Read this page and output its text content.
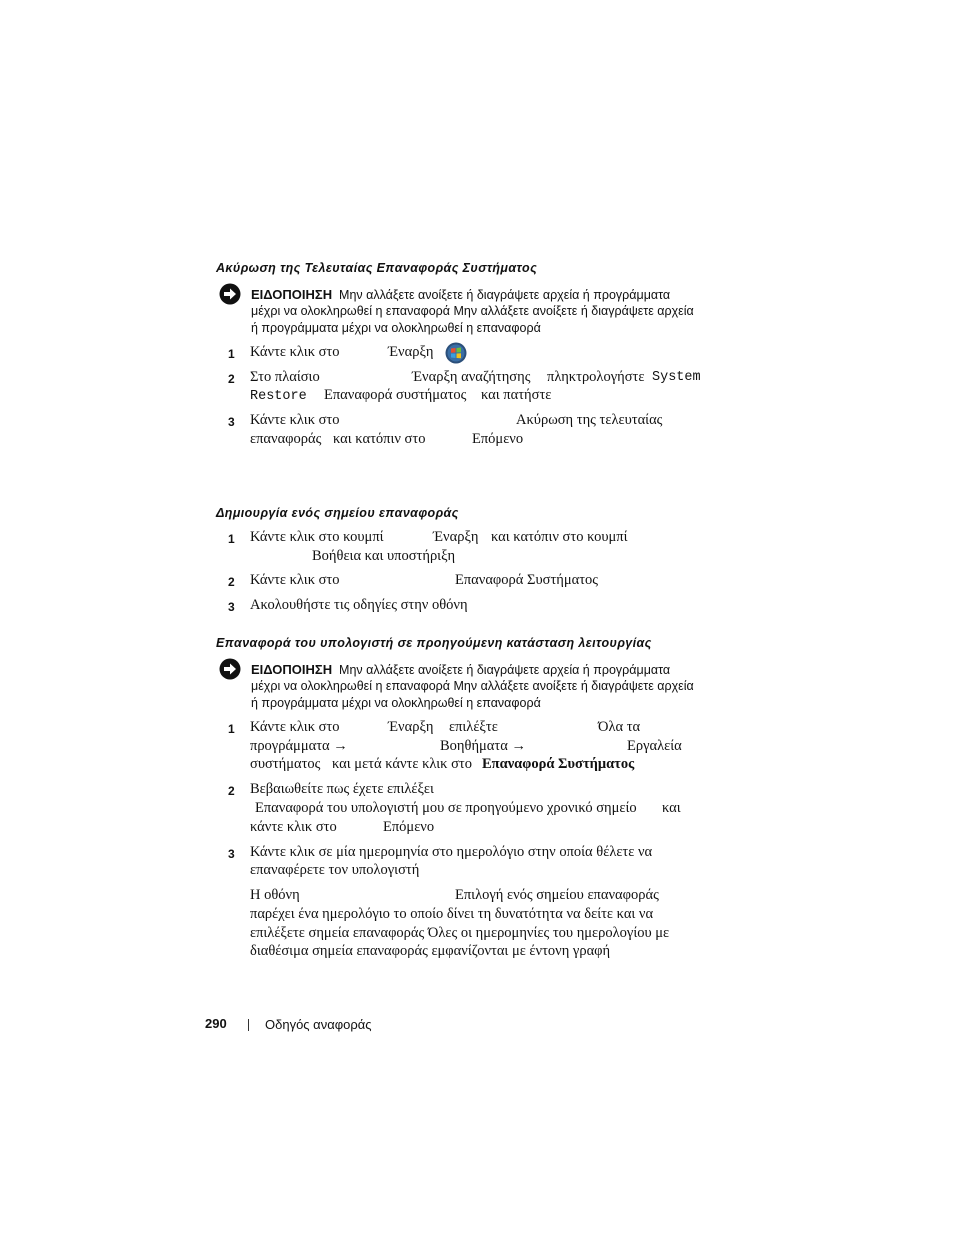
Ακύρωση της Τελευταίας Επαναφοράς Συστήματος
ΕΙΔΟΠΟΙΗΣΗ Μην αλλάξετε ανοίξετε ή διαγράψετε αρχεία ή προγράμματα
μέχρι να ολοκληρωθεί η επαναφορά Μην αλλάξετε ανοίξετε ή διαγράψετε αρχεία
ή προγράμματα μέχρι να ολοκληρωθεί η επαναφορά
1 Κάντε κλικ στο	Έναρξη
2 Στο πλαίσιο	Έναρξη αναζήτησης πληκτρολογήστε System
Restore Επαναφορά συστήματος και πατήστε
3 Κάντε κλικ στο	Ακύρωση της τελευταίας
επαναφοράς και κατόπιν στο	Επόμενο
Δημιουργία ενός σημείου επαναφοράς
1 Κάντε κλικ στο κουμπί	Έναρξη και κατόπιν στο κουμπί
Βοήθεια και υποστήριξη
2 Κάντε κλικ στο	Επαναφορά Συστήματος
3 Ακολουθήστε τις οδηγίες στην οθόνη
Επαναφορά του υπολογιστή σε προηγούμενη κατάσταση λειτουργίας
ΕΙΔΟΠΟΙΗΣΗ Μην αλλάξετε ανοίξετε ή διαγράψετε αρχεία ή προγράμματα
μέχρι να ολοκληρωθεί η επαναφορά Μην αλλάξετε ανοίξετε ή διαγράψετε αρχεία
ή προγράμματα μέχρι να ολοκληρωθεί η επαναφορά
1 Κάντε κλικ στο	Έναρξη επιλέξτε	Όλα τα
προγράμματα →	Βοηθήματα →	Εργαλεία
συστήματος και μετά κάντε κλικ στο Επαναφορά Συστήματος
2 Βεβαιωθείτε πως έχετε επιλέξει
Επαναφορά του υπολογιστή μου σε προηγούμενο χρονικό σημείο και
κάντε κλικ στο	Επόμενο
3 Κάντε κλικ σε μία ημερομηνία στο ημερολόγιο στην οποία θέλετε να
επαναφέρετε τον υπολογιστή
Η οθόνη	Επιλογή ενός σημείου επαναφοράς
παρέχει ένα ημερολόγιο το οποίο δίνει τη δυνατότητα να δείτε και να
επιλέξετε σημεία επαναφοράς Όλες οι ημερομηνίες του ημερολογίου με
διαθέσιμα σημεία επαναφοράς εμφανίζονται με έντονη γραφή
290	Οδηγός αναφοράς
